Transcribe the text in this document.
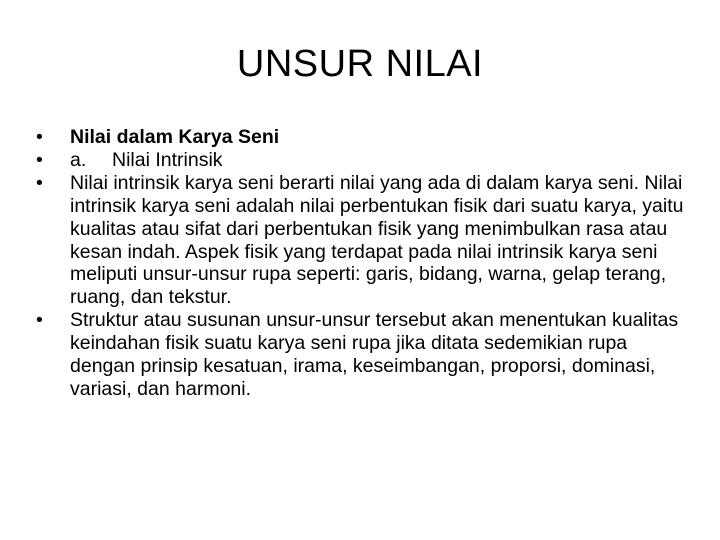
UNSUR NILAI
• Nilai dalam Karya Seni
• a. Nilai Intrinsik
• Nilai intrinsik karya seni berarti nilai yang ada di dalam karya seni. Nilai intrinsik karya seni adalah nilai perbentukan fisik dari suatu karya, yaitu kualitas atau sifat dari perbentukan fisik yang menimbulkan rasa atau kesan indah. Aspek fisik yang terdapat pada nilai intrinsik karya seni meliputi unsur-unsur rupa seperti: garis, bidang, warna, gelap terang, ruang, dan tekstur.
• Struktur atau susunan unsur-unsur tersebut akan menentukan kualitas keindahan fisik suatu karya seni rupa jika ditata sedemikian rupa dengan prinsip kesatuan, irama, keseimbangan, proporsi, dominasi, variasi, dan harmoni.
